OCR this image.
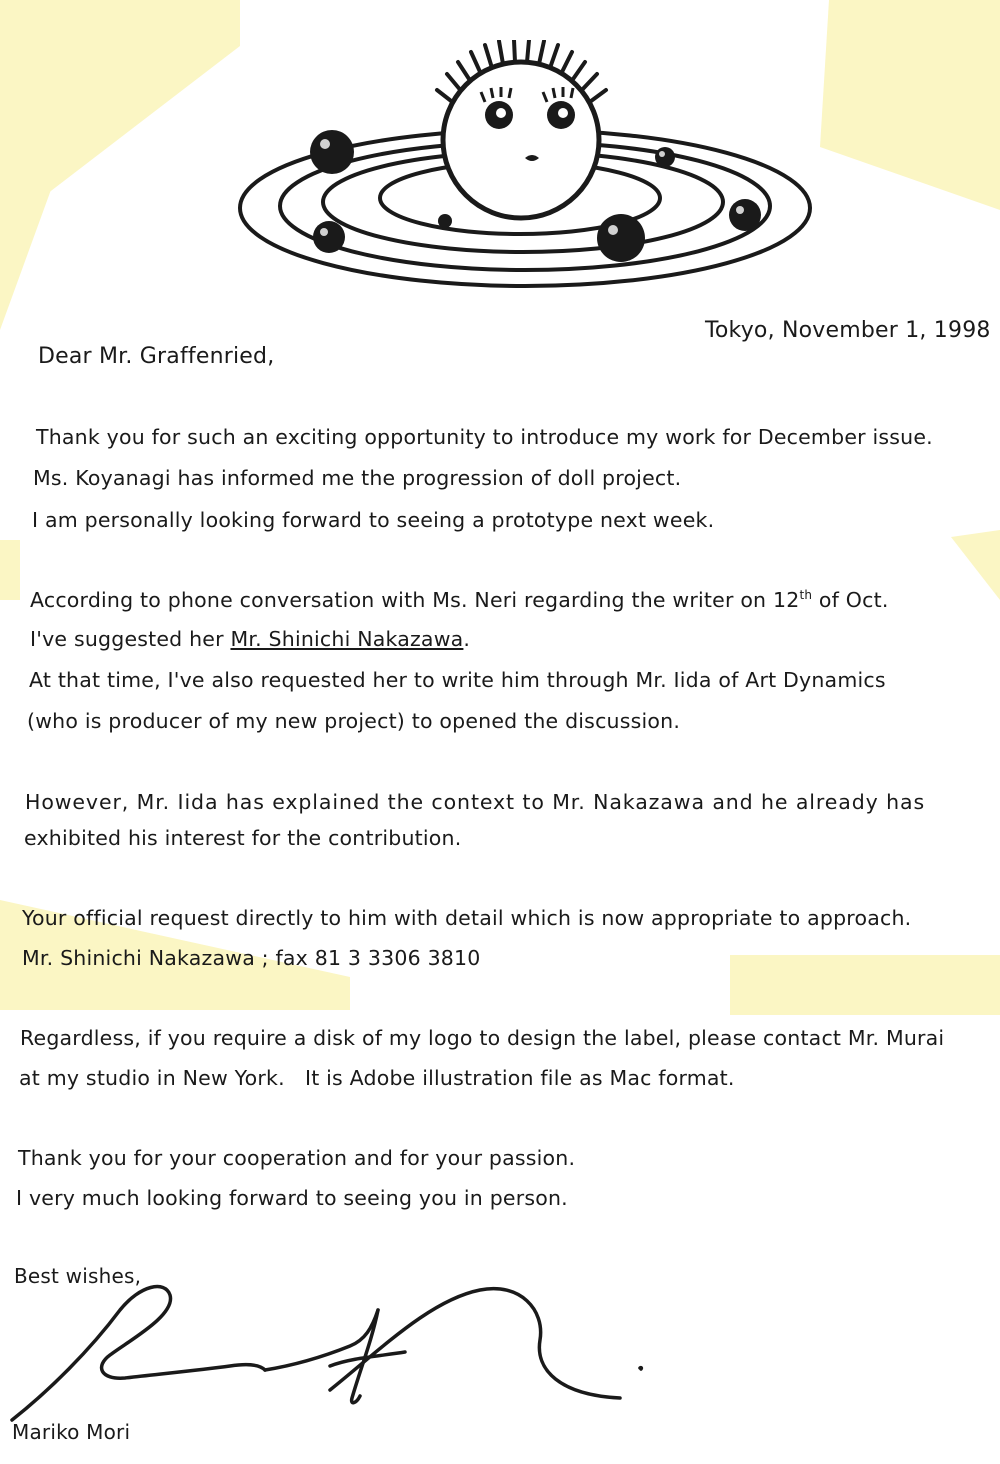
Tokyo, November 1, 1998
Dear Mr. Graffenried,
Thank you for such an exciting opportunity to introduce my work for December issue.
Ms. Koyanagi has informed me the progression of doll project.
I am personally looking forward to seeing a prototype next week.
According to phone conversation with Ms. Neri regarding the writer on 12th of Oct.
I've suggested her Mr. Shinichi Nakazawa.
At that time, I've also requested her to write him through Mr. Iida of Art Dynamics
(who is producer of my new project) to opened the discussion.
However, Mr. Iida has explained the context to Mr. Nakazawa and he already has
exhibited his interest for the contribution.
Your official request directly to him with detail which is now appropriate to approach.
Mr. Shinichi Nakazawa ; fax 81 3 3306 3810
Regardless, if you require a disk of my logo to design the label, please contact Mr. Murai
at my studio in New York.   It is Adobe illustration file as Mac format.
Thank you for your cooperation and for your passion.
I very much looking forward to seeing you in person.
Best wishes,
Mariko Mori
